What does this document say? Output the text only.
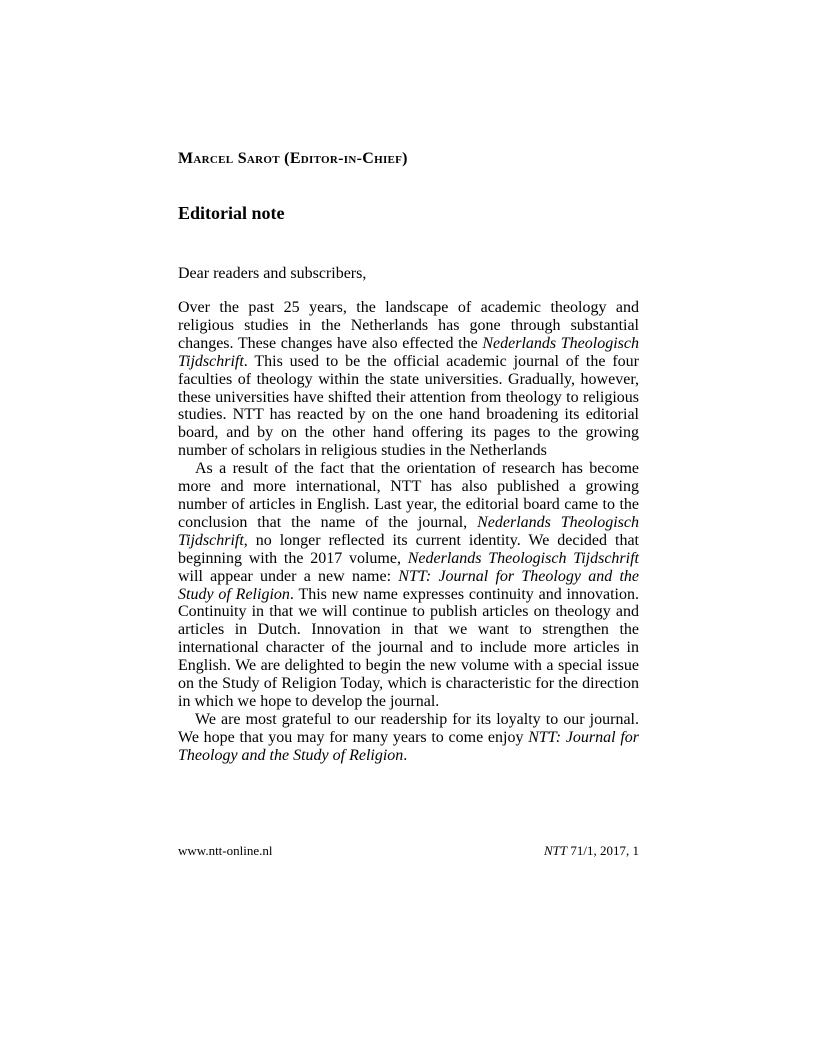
Marcel Sarot (Editor-in-Chief)
Editorial note
Dear readers and subscribers,

Over the past 25 years, the landscape of academic theology and religious studies in the Netherlands has gone through substantial changes. These changes have also effected the Nederlands Theologisch Tijdschrift. This used to be the official academic journal of the four faculties of theology within the state universities. Gradually, however, these universities have shifted their attention from theology to religious studies. NTT has reacted by on the one hand broadening its editorial board, and by on the other hand offering its pages to the growing number of scholars in religious studies in the Netherlands

As a result of the fact that the orientation of research has become more and more international, NTT has also published a growing number of articles in English. Last year, the editorial board came to the conclusion that the name of the journal, Nederlands Theologisch Tijdschrift, no longer reflected its current identity. We decided that beginning with the 2017 volume, Nederlands Theologisch Tijdschrift will appear under a new name: NTT: Journal for Theology and the Study of Religion. This new name expresses continuity and innovation. Continuity in that we will continue to publish articles on theology and articles in Dutch. Innovation in that we want to strengthen the international character of the journal and to include more articles in English. We are delighted to begin the new volume with a special issue on the Study of Religion Today, which is characteristic for the direction in which we hope to develop the journal.

We are most grateful to our readership for its loyalty to our journal. We hope that you may for many years to come enjoy NTT: Journal for Theology and the Study of Religion.

www.ntt-online.nl	NTT 71/1, 2017, 1
